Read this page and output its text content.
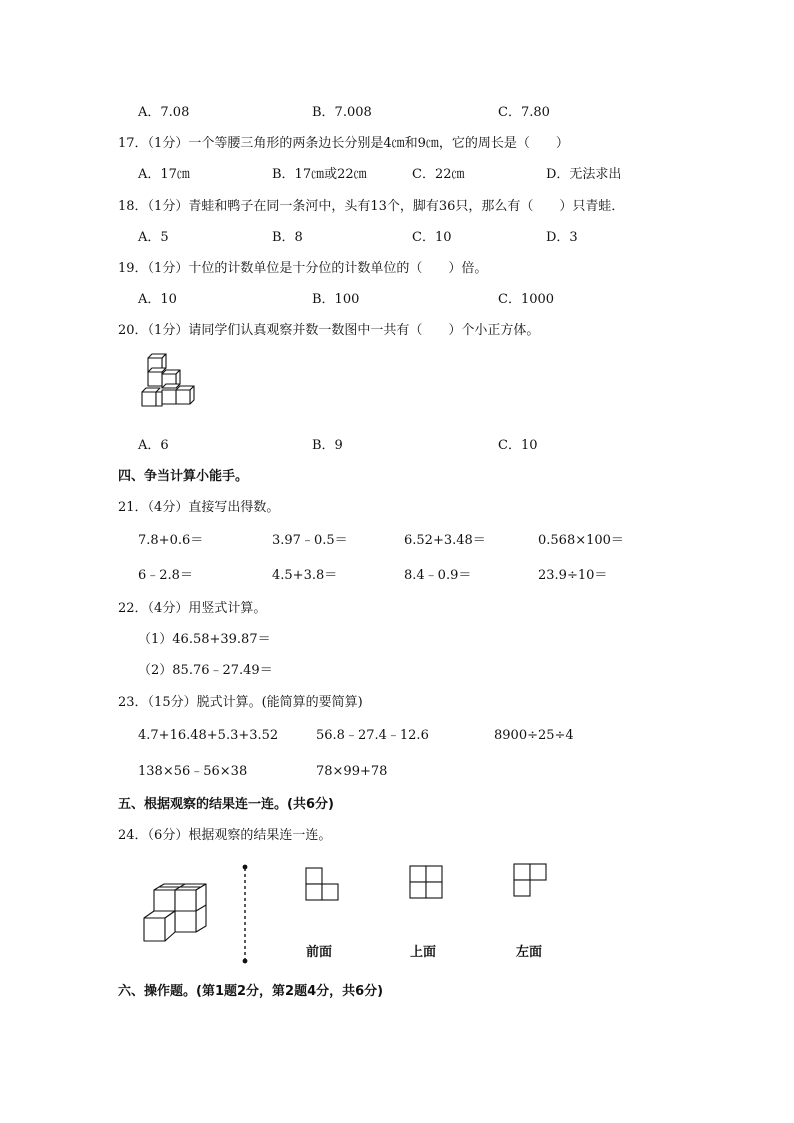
A．7.08	B．7.008	C．7.80
17．（1分）一个等腰三角形的两条边长分别是4㎝和9㎝，它的周长是（　　）
A．17㎝	B．17㎝或22㎝	C．22㎝	D．无法求出
18．（1分）青蛙和鸭子在同一条河中，头有13个，脚有36只，那么有（　　）只青蛙．
A．5	B．8	C．10	D．3
19．（1分）十位的计数单位是十分位的计数单位的（　　）倍。
A．10	B．100	C．1000
20．（1分）请同学们认真观察并数一数图中一共有（　　）个小正方体。
A．6	B．9	C．10
四、争当计算小能手。
21．（4分）直接写出得数。
7.8+0.6＝	3.97﹣0.5＝	6.52+3.48＝	0.568×100＝
6﹣2.8＝	4.5+3.8＝	8.4﹣0.9＝	23.9÷10＝
22．（4分）用竖式计算。
（1）46.58+39.87＝
（2）85.76﹣27.49＝
23．（15分）脱式计算。(能简算的要简算)
4.7+16.48+5.3+3.52	56.8﹣27.4﹣12.6	8900÷25÷4
138×56﹣56×38	78×99+78
五、根据观察的结果连一连。(共6分)
24．（6分）根据观察的结果连一连。
前面	上面	左面
六、操作题。(第1题2分，第2题4分，共6分)
